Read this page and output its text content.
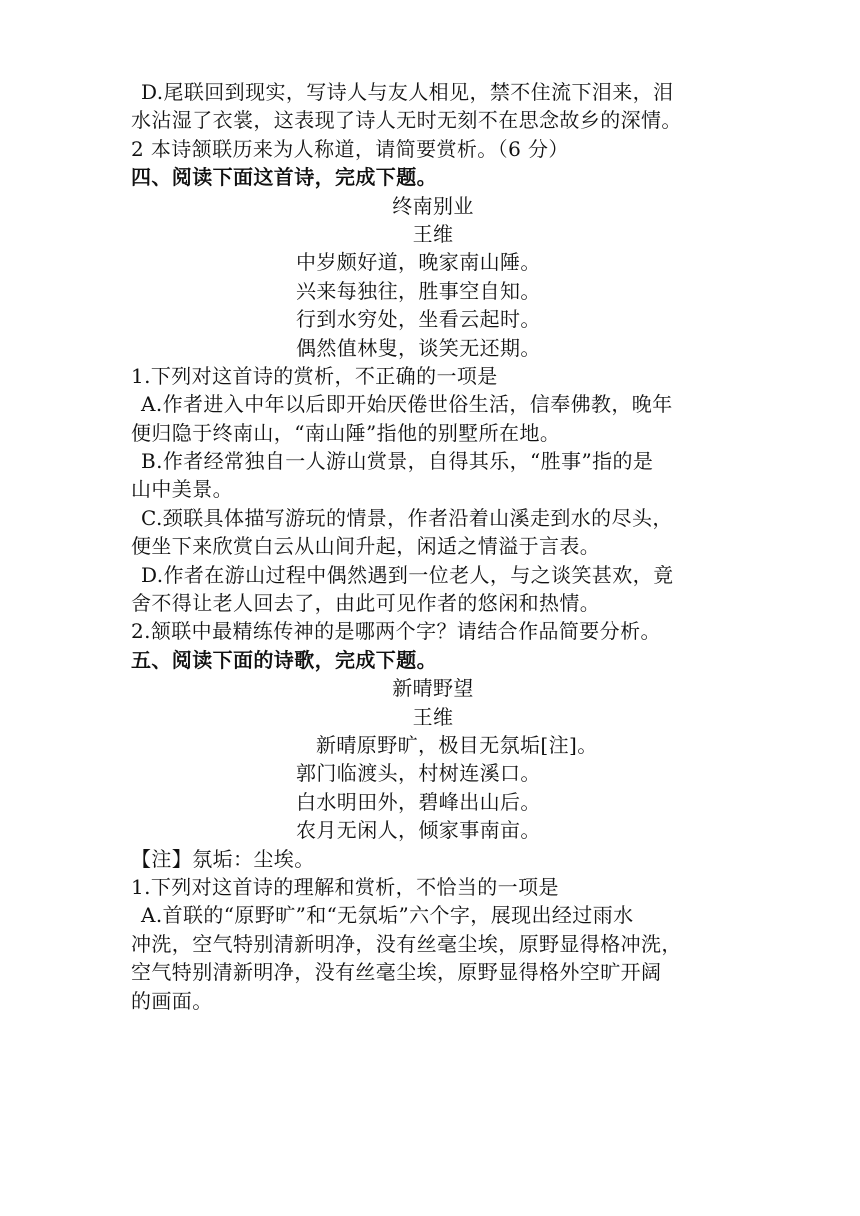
D.尾联回到现实，写诗人与友人相见，禁不住流下泪来，泪
水沾湿了衣裳，这表现了诗人无时无刻不在思念故乡的深情。
2 本诗颔联历来为人称道，请简要赏析。（6 分）
四、阅读下面这首诗，完成下题。
终南别业
王维
中岁颇好道，晚家南山陲。
兴来每独往，胜事空自知。
行到水穷处，坐看云起时。
偶然值林叟，谈笑无还期。
1.下列对这首诗的赏析，不正确的一项是
A.作者进入中年以后即开始厌倦世俗生活，信奉佛教，晚年
便归隐于终南山，“南山陲”指他的别墅所在地。
B.作者经常独自一人游山赏景，自得其乐，“胜事”指的是
山中美景。
C.颈联具体描写游玩的情景，作者沿着山溪走到水的尽头，
便坐下来欣赏白云从山间升起，闲适之情溢于言表。
D.作者在游山过程中偶然遇到一位老人，与之谈笑甚欢，竟
舍不得让老人回去了，由此可见作者的悠闲和热情。
2.颔联中最精练传神的是哪两个字？请结合作品简要分析。
五、阅读下面的诗歌，完成下题。
新晴野望
王维
新晴原野旷，极目无氛垢[注]。
郭门临渡头，村树连溪口。
白水明田外，碧峰出山后。
农月无闲人，倾家事南亩。
【注】氛垢：尘埃。
1.下列对这首诗的理解和赏析，不恰当的一项是
A.首联的“原野旷”和“无氛垢”六个字，展现出经过雨水
冲洗，空气特别清新明净，没有丝毫尘埃，原野显得格冲洗，
空气特别清新明净，没有丝毫尘埃，原野显得格外空旷开阔
的画面。
